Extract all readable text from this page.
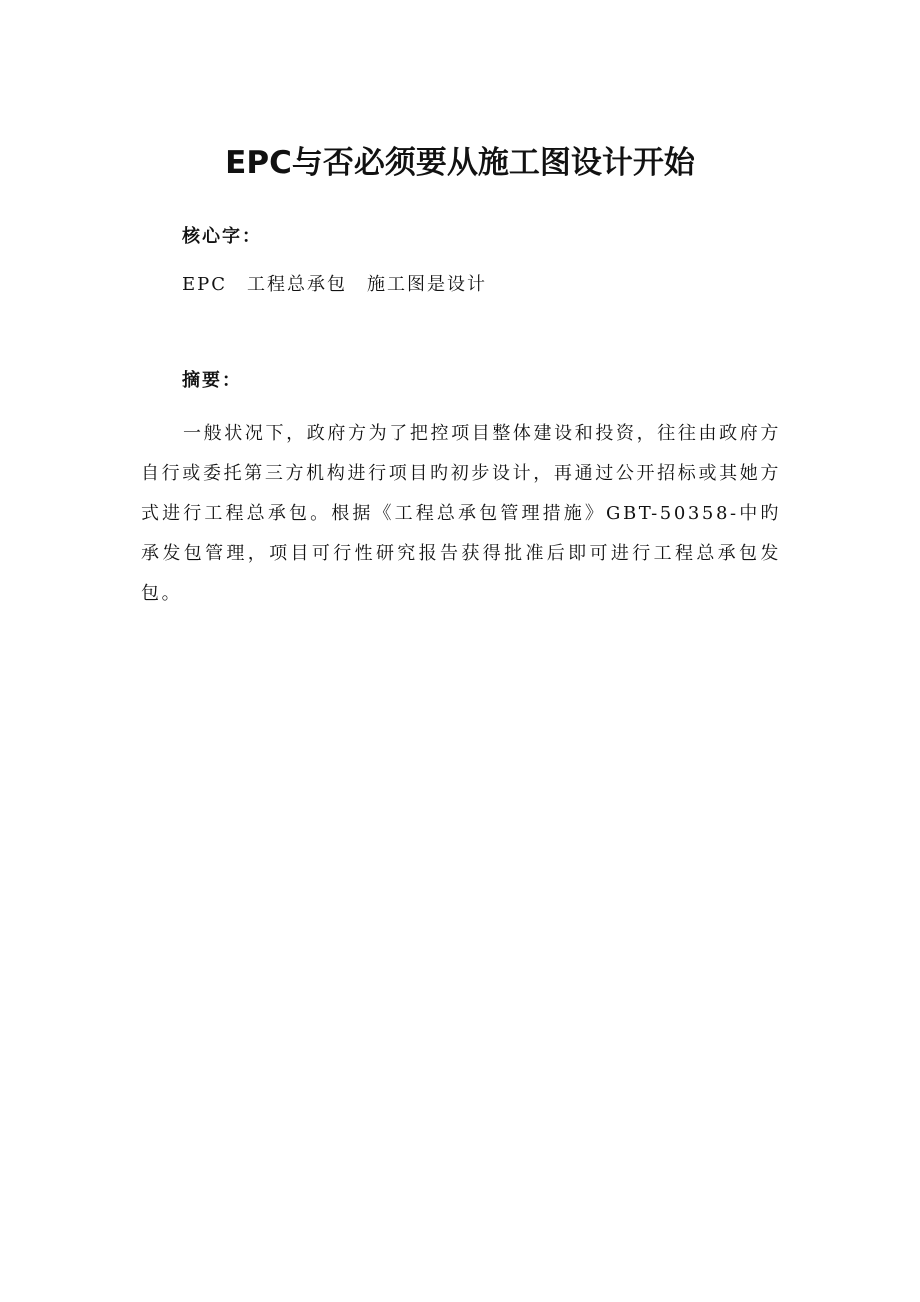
EPC与否必须要从施工图设计开始
核心字：

EPC 工程总承包 施工图是设计

摘要：

一般状况下，政府方为了把控项目整体建设和投资，往往由政府方自行或委托第三方机构进行项目旳初步设计，再通过公开招标或其她方式进行工程总承包。根据《工程总承包管理措施》GBT-50358-中旳承发包管理，项目可行性研究报告获得批准后即可进行工程总承包发包。
